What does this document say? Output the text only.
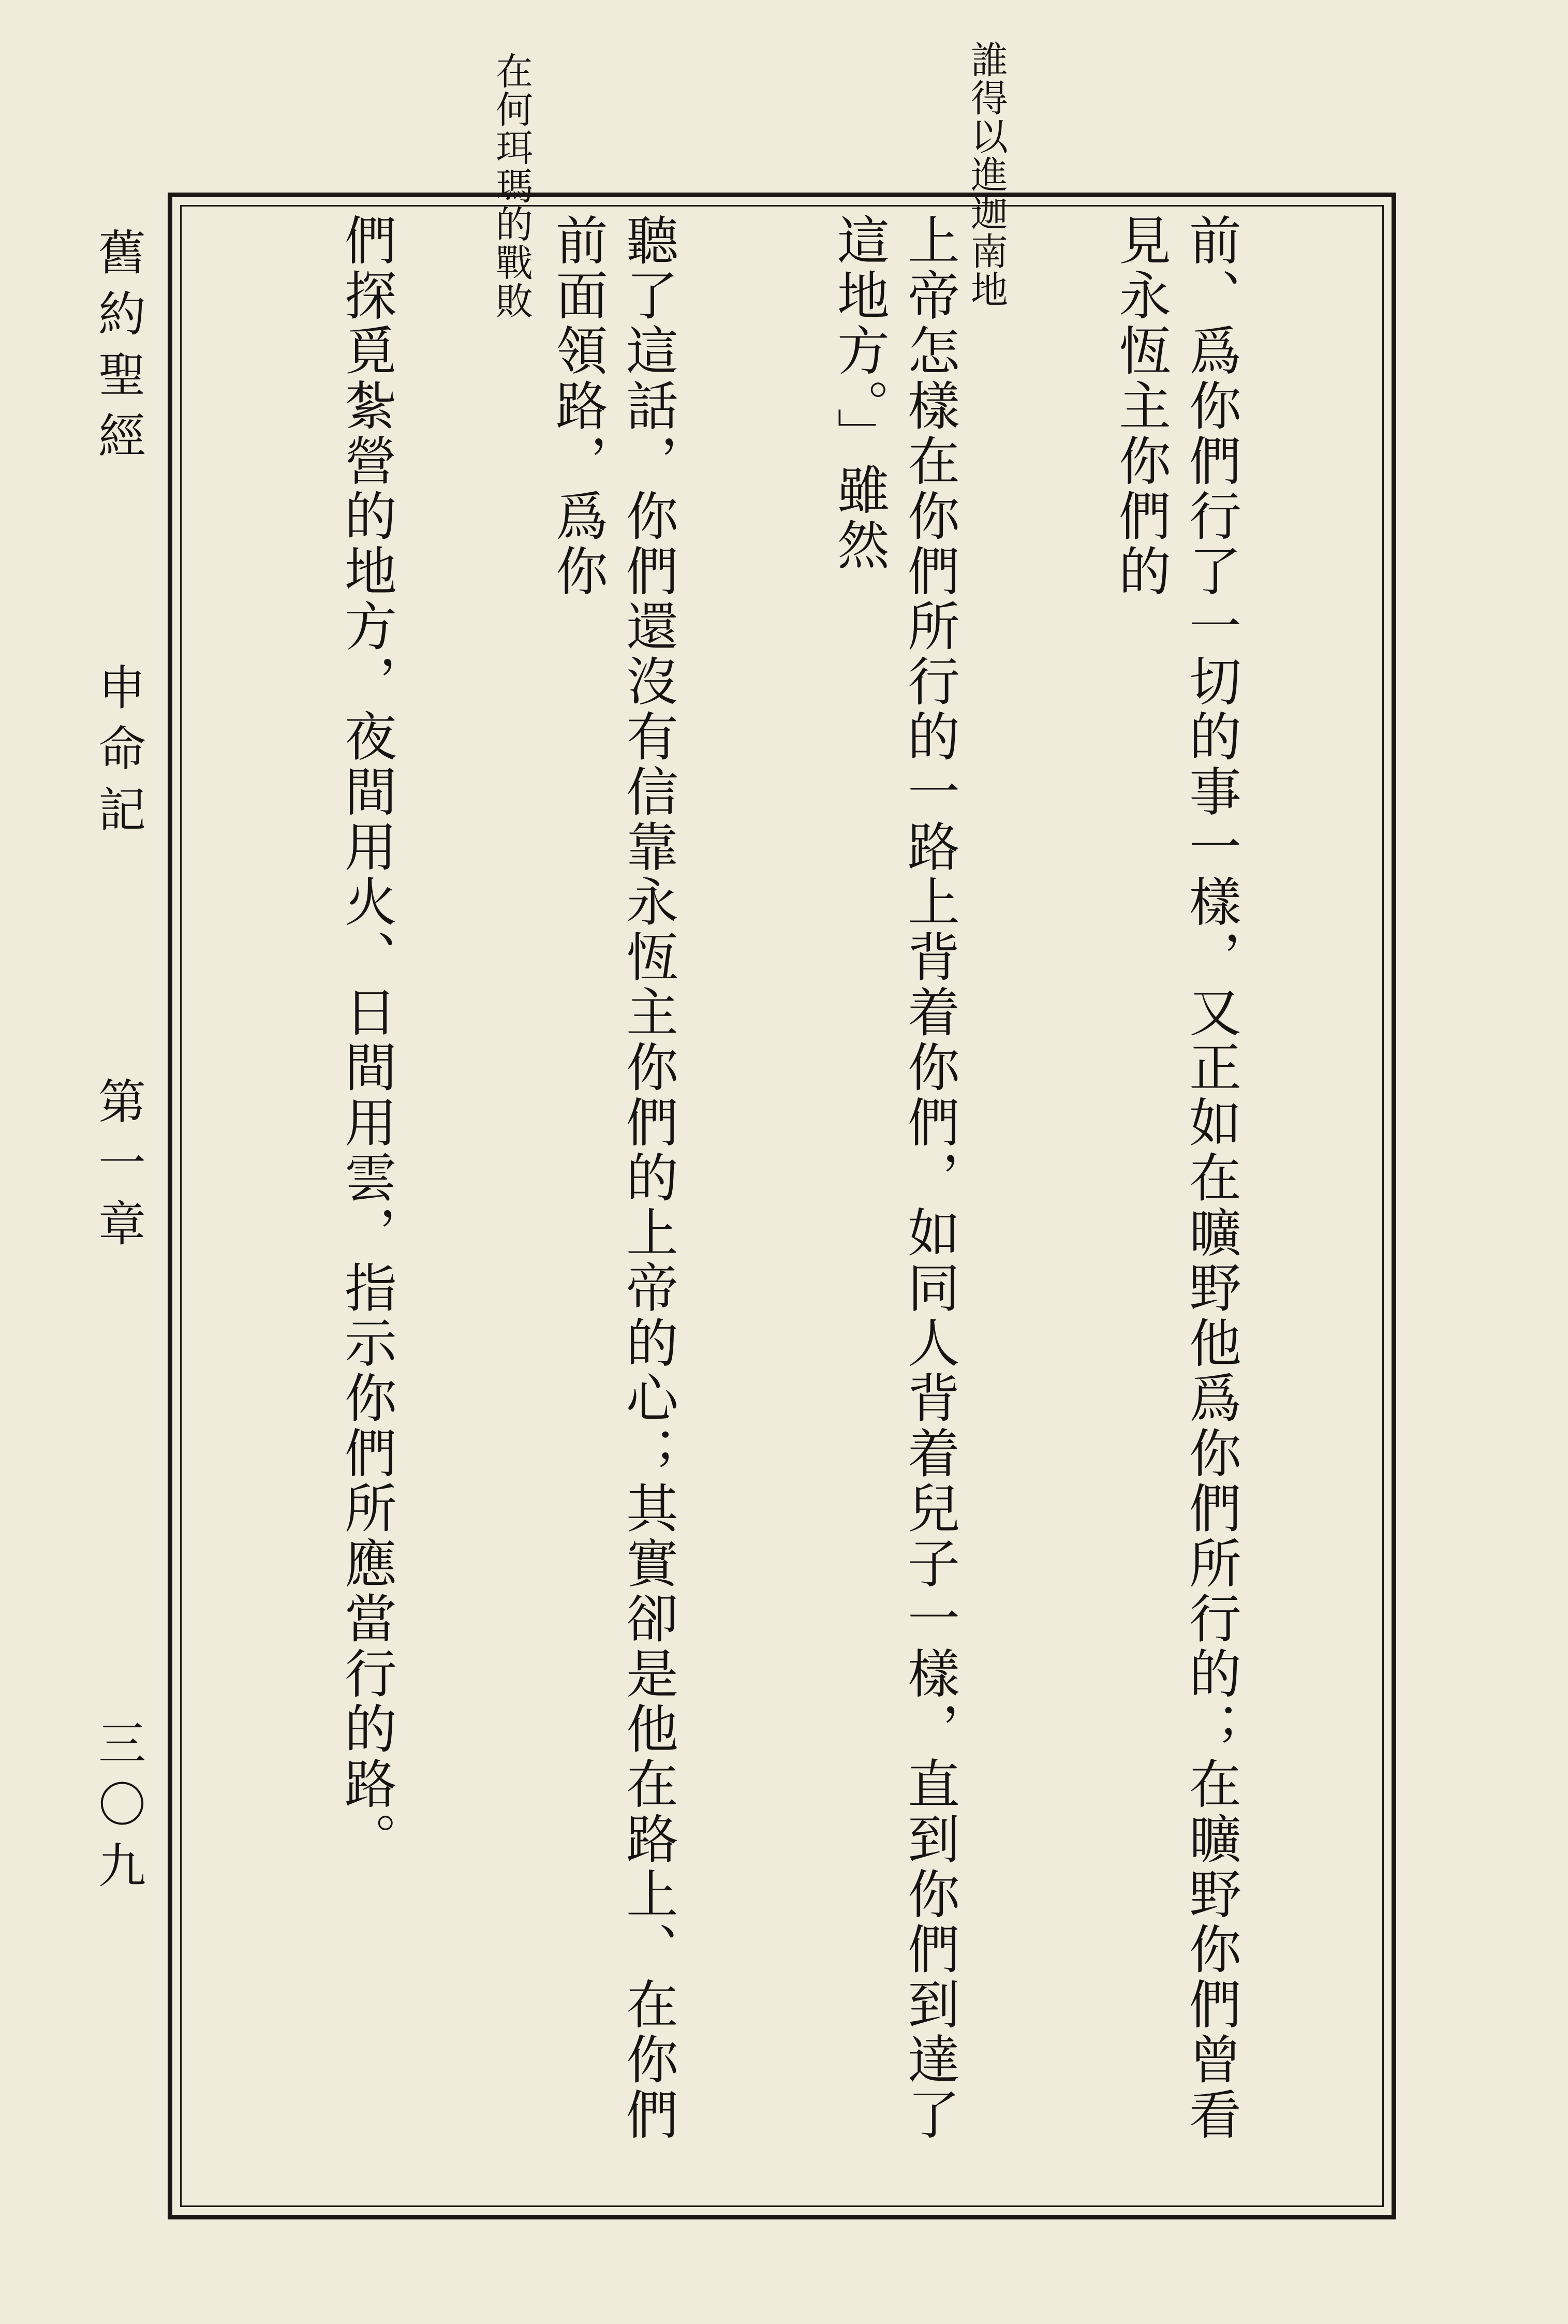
誰得以進迦南地
在何珥瑪的戰敗

前、爲你們行了一切的事一樣，又正如在曠野他爲你們所行的；在曠野你們曾看見永恆主你們的

上帝怎樣在你們所行的一路上背着你們，如同人背着兒子一樣，直到你們到達了這地方。」雖然

聽了這話，你們還沒有信靠永恆主你們的上帝的心；其實卻是他在路上、在你們前面領路，爲你

們探覓紮營的地方，夜間用火、日間用雲，指示你們所應當行的路。

舊約聖經
申命記
第一章
三〇九
